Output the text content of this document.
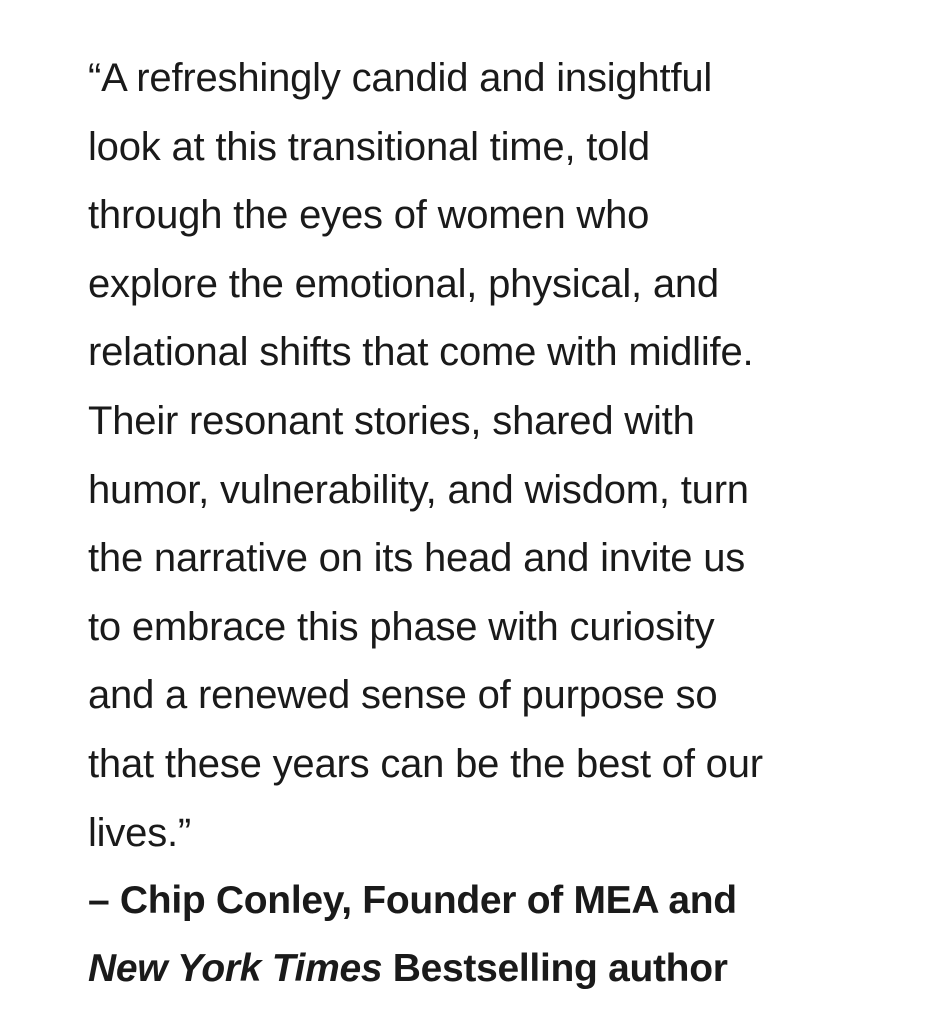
“A refreshingly candid and insightful
look at this transitional time, told
through the eyes of women who
explore the emotional, physical, and
relational shifts that come with midlife.
Their resonant stories, shared with
humor, vulnerability, and wisdom, turn
the narrative on its head and invite us
to embrace this phase with curiosity
and a renewed sense of purpose so
that these years can be the best of our
lives.”
– Chip Conley, Founder of MEA and
New York Times Bestselling author
